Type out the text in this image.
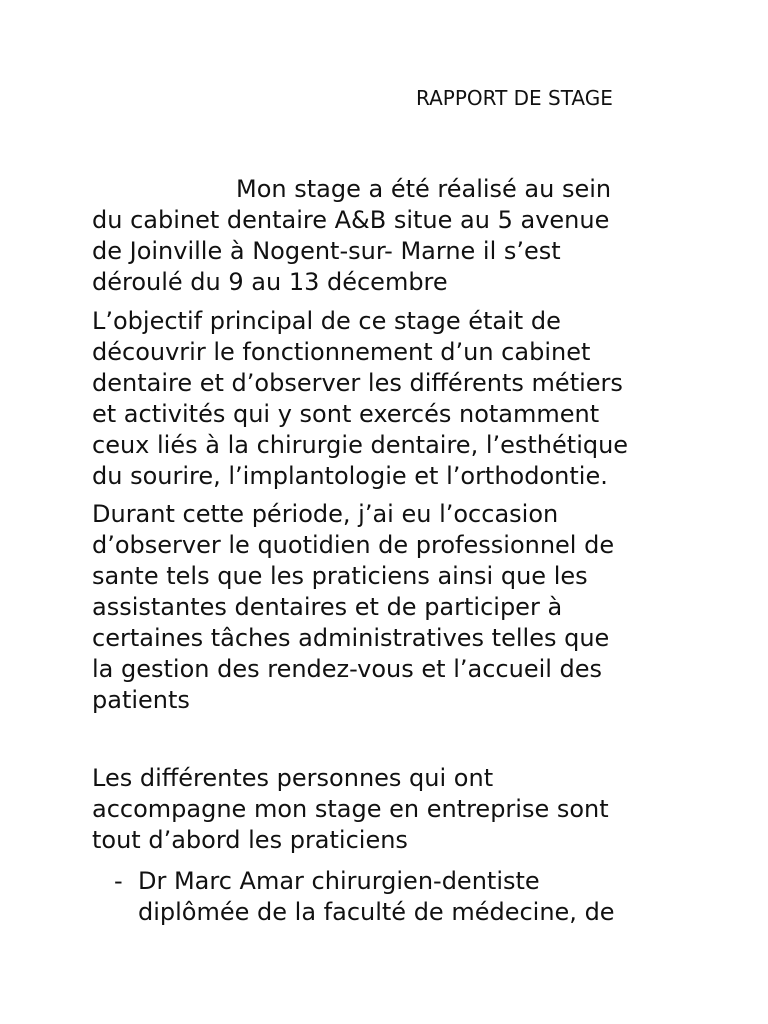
RAPPORT DE STAGE

Mon stage a été réalisé au sein
du cabinet dentaire A&B situe au 5 avenue
de Joinville à Nogent-sur- Marne il s’est
déroulé du 9 au 13 décembre

L’objectif principal de ce stage était de
découvrir le fonctionnement d’un cabinet
dentaire et d’observer les différents métiers
et activités qui y sont exercés notamment
ceux liés à la chirurgie dentaire, l’esthétique
du sourire, l’implantologie et l’orthodontie.

Durant cette période, j’ai eu l’occasion
d’observer le quotidien de professionnel de
sante tels que les praticiens ainsi que les
assistantes dentaires et de participer à
certaines tâches administratives telles que
la gestion des rendez-vous et l’accueil des
patients

Les différentes personnes qui ont
accompagne mon stage en entreprise sont
tout d’abord les praticiens

- Dr Marc Amar chirurgien-dentiste
diplômée de la faculté de médecine, de
